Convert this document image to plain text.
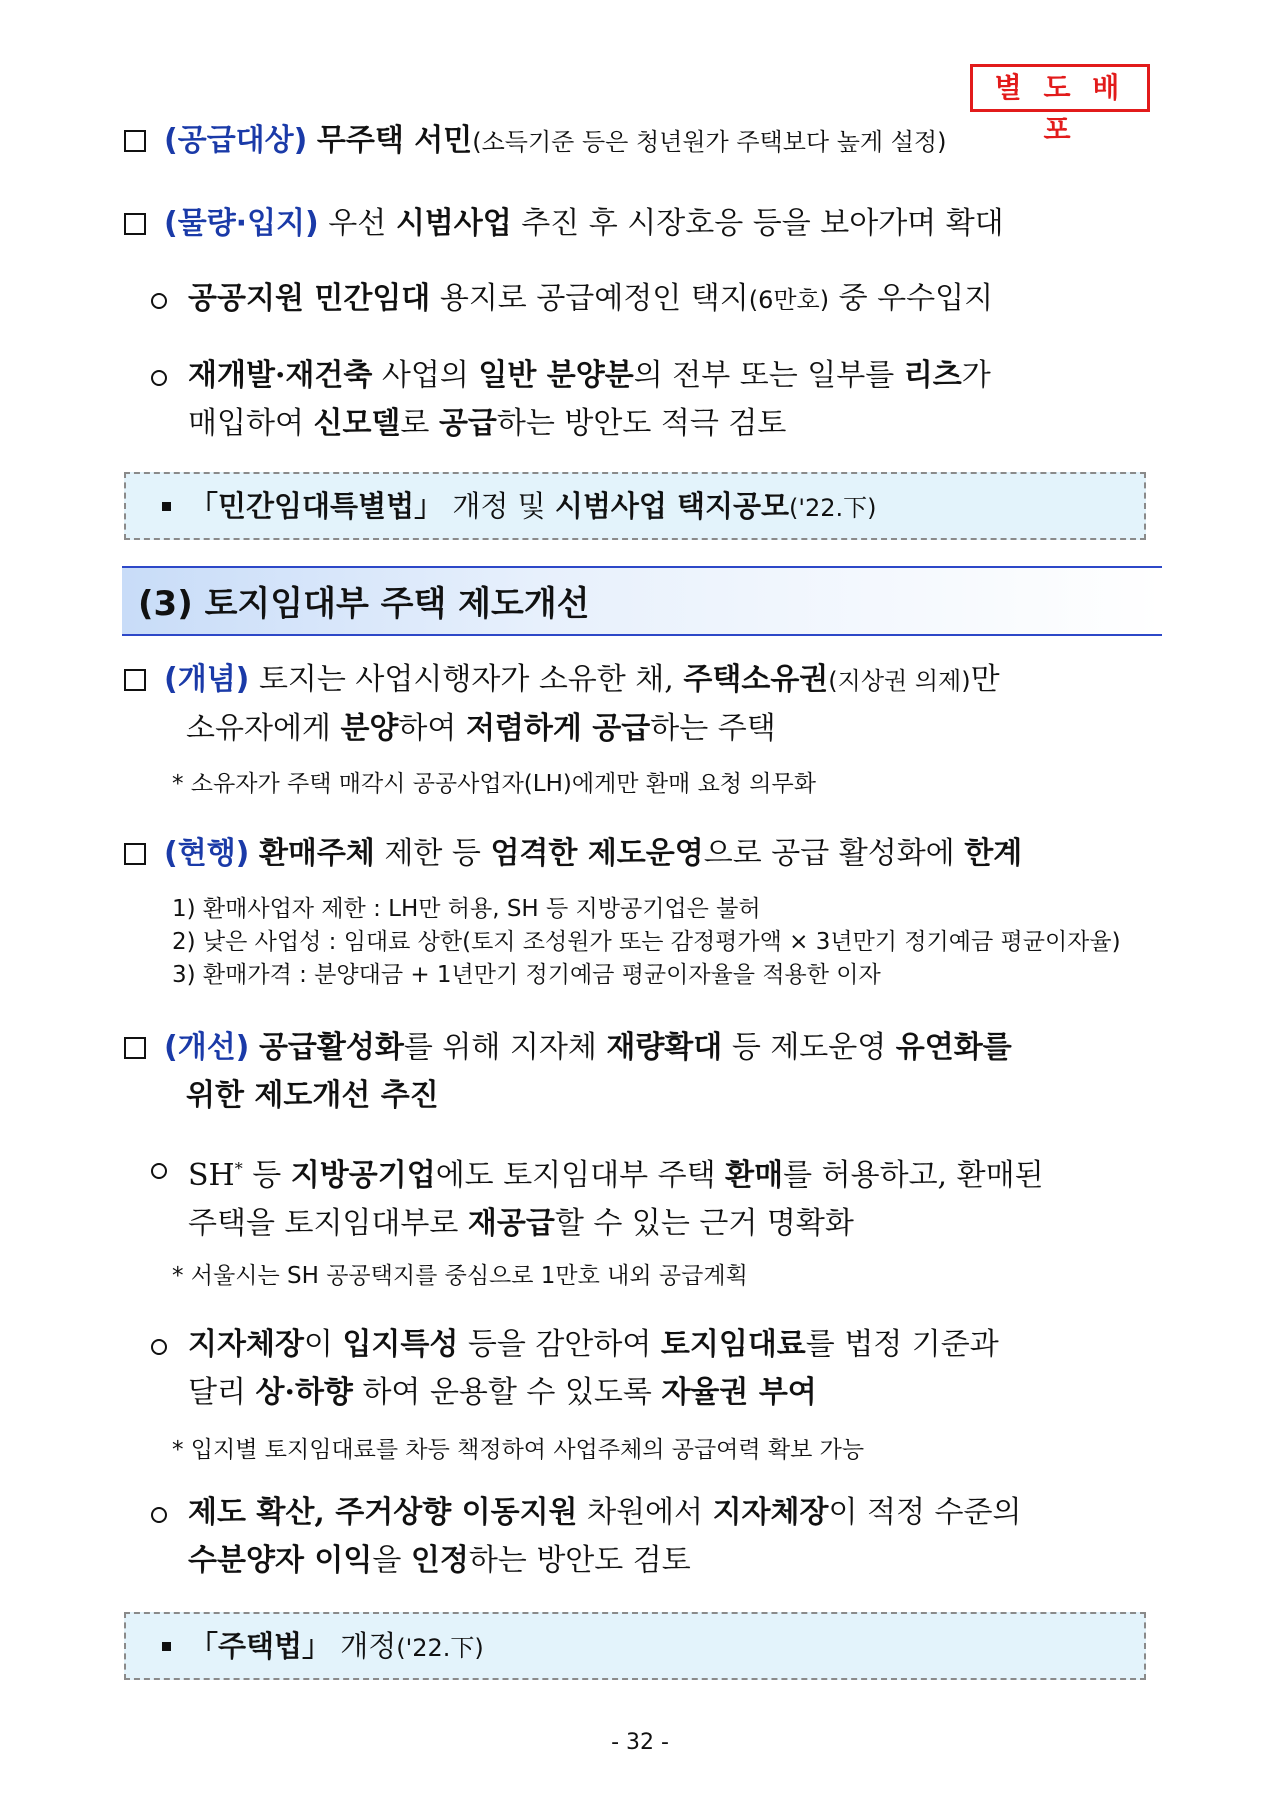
별 도 배 포
(공급대상) 무주택 서민(소득기준 등은 청년원가 주택보다 높게 설정)
(물량·입지) 우선 시범사업 추진 후 시장호응 등을 보아가며 확대
공공지원 민간임대 용지로 공급예정인 택지(6만호) 중 우수입지
재개발·재건축 사업의 일반 분양분의 전부 또는 일부를 리츠가
매입하여 신모델로 공급하는 방안도 적극 검토
「민간임대특별법」 개정 및 시범사업 택지공모('22.下)
(3) 토지임대부 주택 제도개선
(개념) 토지는 사업시행자가 소유한 채, 주택소유권(지상권 의제)만
소유자에게 분양하여 저렴하게 공급하는 주택
* 소유자가 주택 매각시 공공사업자(LH)에게만 환매 요청 의무화
(현행) 환매주체 제한 등 엄격한 제도운영으로 공급 활성화에 한계
1) 환매사업자 제한 : LH만 허용, SH 등 지방공기업은 불허
2) 낮은 사업성 : 임대료 상한(토지 조성원가 또는 감정평가액 × 3년만기 정기예금 평균이자율)
3) 환매가격 : 분양대금 + 1년만기 정기예금 평균이자율을 적용한 이자
(개선) 공급활성화를 위해 지자체 재량확대 등 제도운영 유연화를
위한 제도개선 추진
SH* 등 지방공기업에도 토지임대부 주택 환매를 허용하고, 환매된
주택을 토지임대부로 재공급할 수 있는 근거 명확화
* 서울시는 SH 공공택지를 중심으로 1만호 내외 공급계획
지자체장이 입지특성 등을 감안하여 토지임대료를 법정 기준과
달리 상·하향 하여 운용할 수 있도록 자율권 부여
* 입지별 토지임대료를 차등 책정하여 사업주체의 공급여력 확보 가능
제도 확산, 주거상향 이동지원 차원에서 지자체장이 적정 수준의
수분양자 이익을 인정하는 방안도 검토
「주택법」 개정('22.下)
- 32 -
